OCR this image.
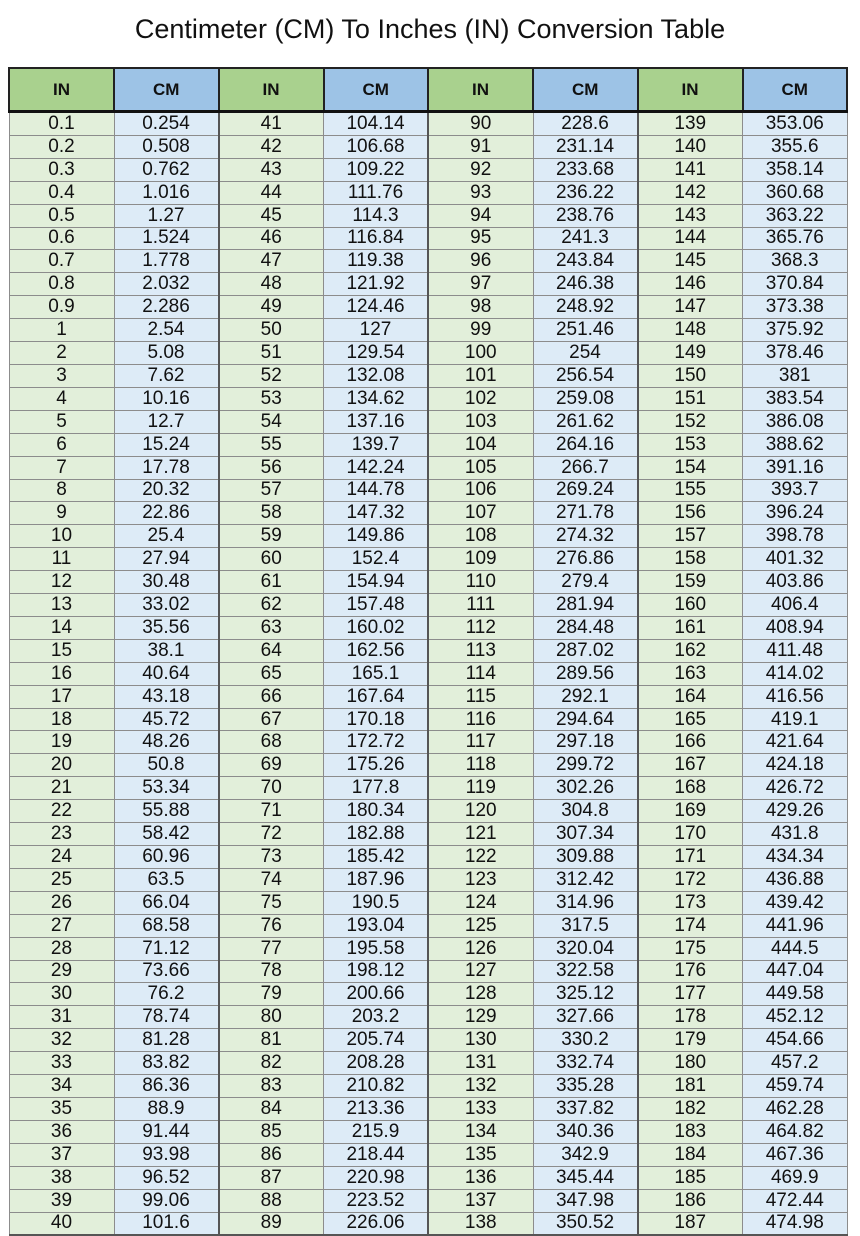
Centimeter (CM) To Inches (IN) Conversion Table
IN	CM	IN	CM	IN	CM	IN	CM
0.1	0.254	41	104.14	90	228.6	139	353.06
0.2	0.508	42	106.68	91	231.14	140	355.6
0.3	0.762	43	109.22	92	233.68	141	358.14
0.4	1.016	44	111.76	93	236.22	142	360.68
0.5	1.27	45	114.3	94	238.76	143	363.22
0.6	1.524	46	116.84	95	241.3	144	365.76
0.7	1.778	47	119.38	96	243.84	145	368.3
0.8	2.032	48	121.92	97	246.38	146	370.84
0.9	2.286	49	124.46	98	248.92	147	373.38
1	2.54	50	127	99	251.46	148	375.92
2	5.08	51	129.54	100	254	149	378.46
3	7.62	52	132.08	101	256.54	150	381
4	10.16	53	134.62	102	259.08	151	383.54
5	12.7	54	137.16	103	261.62	152	386.08
6	15.24	55	139.7	104	264.16	153	388.62
7	17.78	56	142.24	105	266.7	154	391.16
8	20.32	57	144.78	106	269.24	155	393.7
9	22.86	58	147.32	107	271.78	156	396.24
10	25.4	59	149.86	108	274.32	157	398.78
11	27.94	60	152.4	109	276.86	158	401.32
12	30.48	61	154.94	110	279.4	159	403.86
13	33.02	62	157.48	111	281.94	160	406.4
14	35.56	63	160.02	112	284.48	161	408.94
15	38.1	64	162.56	113	287.02	162	411.48
16	40.64	65	165.1	114	289.56	163	414.02
17	43.18	66	167.64	115	292.1	164	416.56
18	45.72	67	170.18	116	294.64	165	419.1
19	48.26	68	172.72	117	297.18	166	421.64
20	50.8	69	175.26	118	299.72	167	424.18
21	53.34	70	177.8	119	302.26	168	426.72
22	55.88	71	180.34	120	304.8	169	429.26
23	58.42	72	182.88	121	307.34	170	431.8
24	60.96	73	185.42	122	309.88	171	434.34
25	63.5	74	187.96	123	312.42	172	436.88
26	66.04	75	190.5	124	314.96	173	439.42
27	68.58	76	193.04	125	317.5	174	441.96
28	71.12	77	195.58	126	320.04	175	444.5
29	73.66	78	198.12	127	322.58	176	447.04
30	76.2	79	200.66	128	325.12	177	449.58
31	78.74	80	203.2	129	327.66	178	452.12
32	81.28	81	205.74	130	330.2	179	454.66
33	83.82	82	208.28	131	332.74	180	457.2
34	86.36	83	210.82	132	335.28	181	459.74
35	88.9	84	213.36	133	337.82	182	462.28
36	91.44	85	215.9	134	340.36	183	464.82
37	93.98	86	218.44	135	342.9	184	467.36
38	96.52	87	220.98	136	345.44	185	469.9
39	99.06	88	223.52	137	347.98	186	472.44
40	101.6	89	226.06	138	350.52	187	474.98
